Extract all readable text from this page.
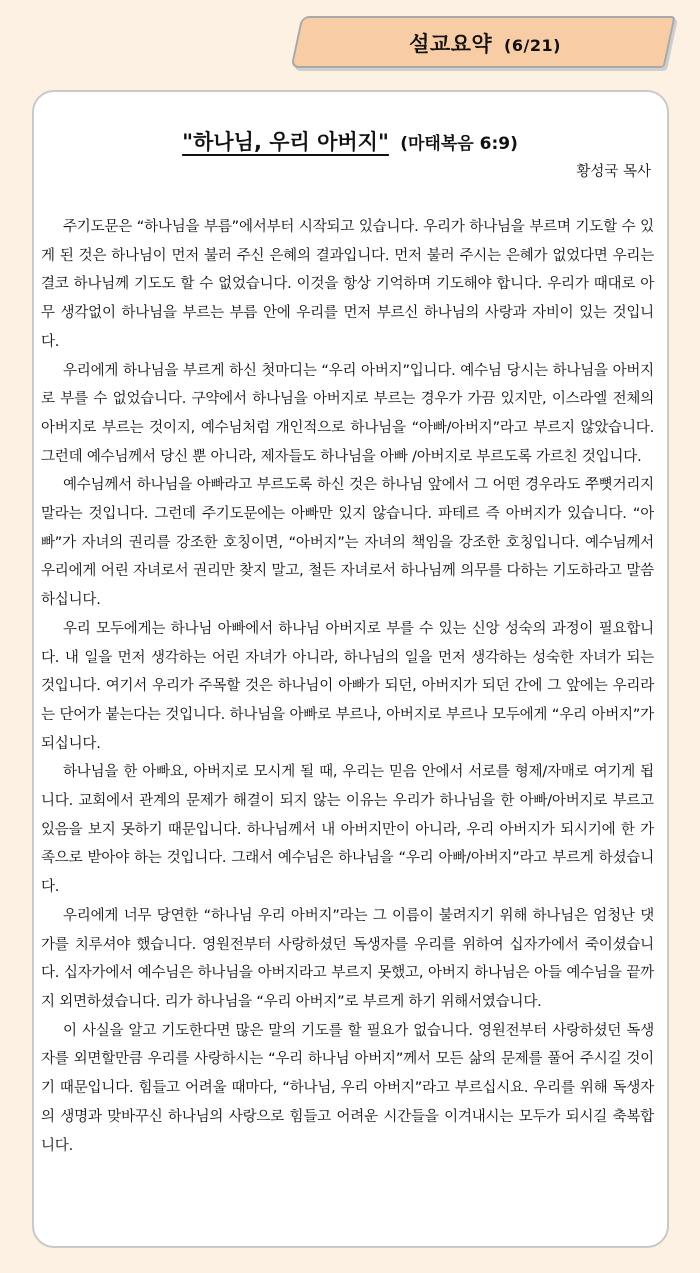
설교요약 (6/21)
"하나님, 우리 아버지" (마태복음 6:9)
황성국 목사

주기도문은 “하나님을 부름”에서부터 시작되고 있습니다. 우리가 하나님을 부르며 기도할 수 있게 된 것은 하나님이 먼저 불러 주신 은혜의 결과입니다. 먼저 불러 주시는 은혜가 없었다면 우리는 결코 하나님께 기도도 할 수 없었습니다. 이것을 항상 기억하며 기도해야 합니다. 우리가 때대로 아무 생각없이 하나님을 부르는 부름 안에 우리를 먼저 부르신 하나님의 사랑과 자비이 있는 것입니다.

우리에게 하나님을 부르게 하신 첫마디는 “우리 아버지”입니다. 예수님 당시는 하나님을 아버지로 부를 수 없었습니다. 구약에서 하나님을 아버지로 부르는 경우가 가끔 있지만, 이스라엘 전체의 아버지로 부르는 것이지, 예수님처럼 개인적으로 하나님을 “아빠/아버지”라고 부르지 않았습니다. 그런데 예수님께서 당신 뿐 아니라, 제자들도 하나님을 아빠 /아버지로 부르도록 가르친 것입니다.

예수님께서 하나님을 아빠라고 부르도록 하신 것은 하나님 앞에서 그 어떤 경우라도 쭈뼛거리지 말라는 것입니다. 그런데 주기도문에는 아빠만 있지 않습니다. 파테르 즉 아버지가 있습니다. “아빠”가 자녀의 권리를 강조한 호칭이면, “아버지”는 자녀의 책임을 강조한 호칭입니다. 예수님께서 우리에게 어린 자녀로서 권리만 찾지 말고, 철든 자녀로서 하나님께 의무를 다하는 기도하라고 말씀하십니다.

우리 모두에게는 하나님 아빠에서 하나님 아버지로 부를 수 있는 신앙 성숙의 과정이 필요합니다. 내 일을 먼저 생각하는 어린 자녀가 아니라, 하나님의 일을 먼저 생각하는 성숙한 자녀가 되는 것입니다. 여기서 우리가 주목할 것은 하나님이 아빠가 되던, 아버지가 되던 간에 그 앞에는 우리라는 단어가 붙는다는 것입니다. 하나님을 아빠로 부르나, 아버지로 부르나 모두에게 “우리 아버지”가 되십니다.

하나님을 한 아빠요, 아버지로 모시게 될 때, 우리는 믿음 안에서 서로를 형제/자매로 여기게 됩니다. 교회에서 관계의 문제가 해결이 되지 않는 이유는 우리가 하나님을 한 아빠/아버지로 부르고 있음을 보지 못하기 때문입니다. 하나님께서 내 아버지만이 아니라, 우리 아버지가 되시기에 한 가족으로 받아야 하는 것입니다. 그래서 예수님은 하나님을 “우리 아빠/아버지”라고 부르게 하셨습니다.

우리에게 너무 당연한 “하나님 우리 아버지”라는 그 이름이 불려지기 위해 하나님은 엄청난 댓가를 치루셔야 했습니다. 영원전부터 사랑하셨던 독생자를 우리를 위하여 십자가에서 죽이셨습니다. 십자가에서 예수님은 하나님을 아버지라고 부르지 못했고, 아버지 하나님은 아들 예수님을 끝까지 외면하셨습니다. 리가 하나님을 “우리 아버지”로 부르게 하기 위해서였습니다.

이 사실을 알고 기도한다면 많은 말의 기도를 할 필요가 없습니다. 영원전부터 사랑하셨던 독생자를 외면할만큼 우리를 사랑하시는 “우리 하나님 아버지”께서 모든 삶의 문제를 풀어 주시길 것이기 때문입니다. 힘들고 어려울 때마다, “하나님, 우리 아버지”라고 부르십시요. 우리를 위해 독생자의 생명과 맞바꾸신 하나님의 사랑으로 힘들고 어려운 시간들을 이겨내시는 모두가 되시길 축복합니다.
